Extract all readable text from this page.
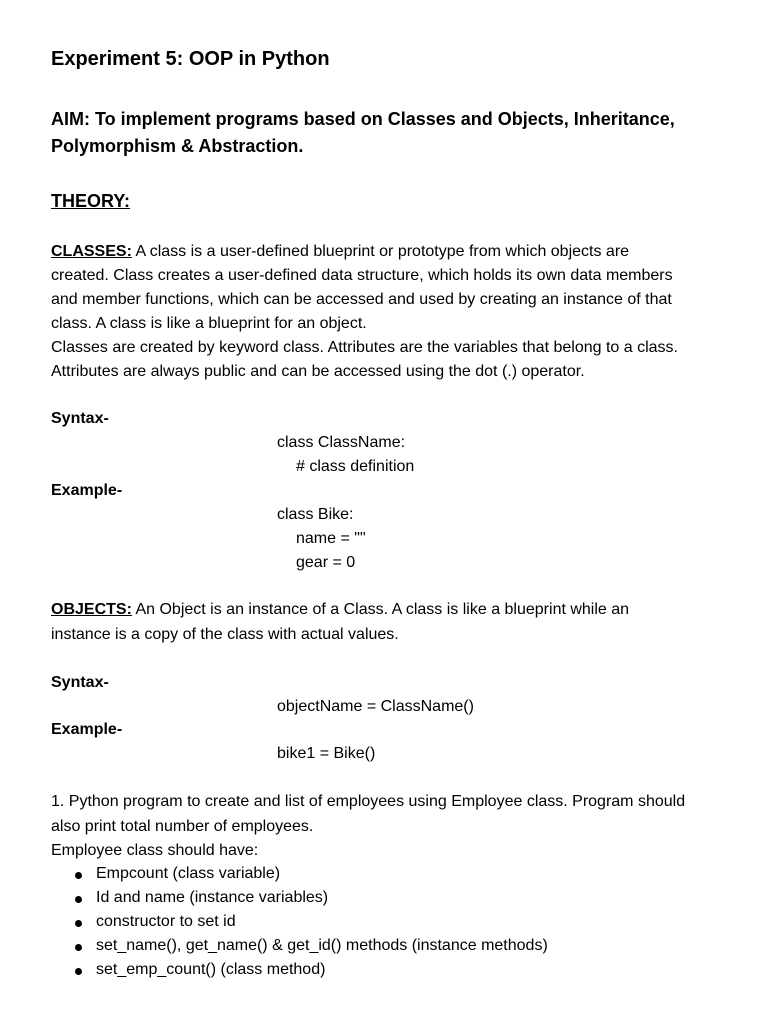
Experiment 5: OOP in Python
AIM: To implement programs based on Classes and Objects, Inheritance,
Polymorphism & Abstraction.
THEORY:
CLASSES: A class is a user-defined blueprint or prototype from which objects are
created. Class creates a user-defined data structure, which holds its own data members
and member functions, which can be accessed and used by creating an instance of that
class. A class is like a blueprint for an object.
Classes are created by keyword class. Attributes are the variables that belong to a class.
Attributes are always public and can be accessed using the dot (.) operator.
Syntax-
class ClassName:
# class definition
Example-
class Bike:
name = ""
gear = 0
OBJECTS: An Object is an instance of a Class. A class is like a blueprint while an
instance is a copy of the class with actual values.
Syntax-
objectName = ClassName()
Example-
bike1 = Bike()
1. Python program to create and list of employees using Employee class. Program should
also print total number of employees.
Employee class should have:
Empcount (class variable)
Id and name (instance variables)
constructor to set id
set_name(), get_name() & get_id() methods (instance methods)
set_emp_count() (class method)
